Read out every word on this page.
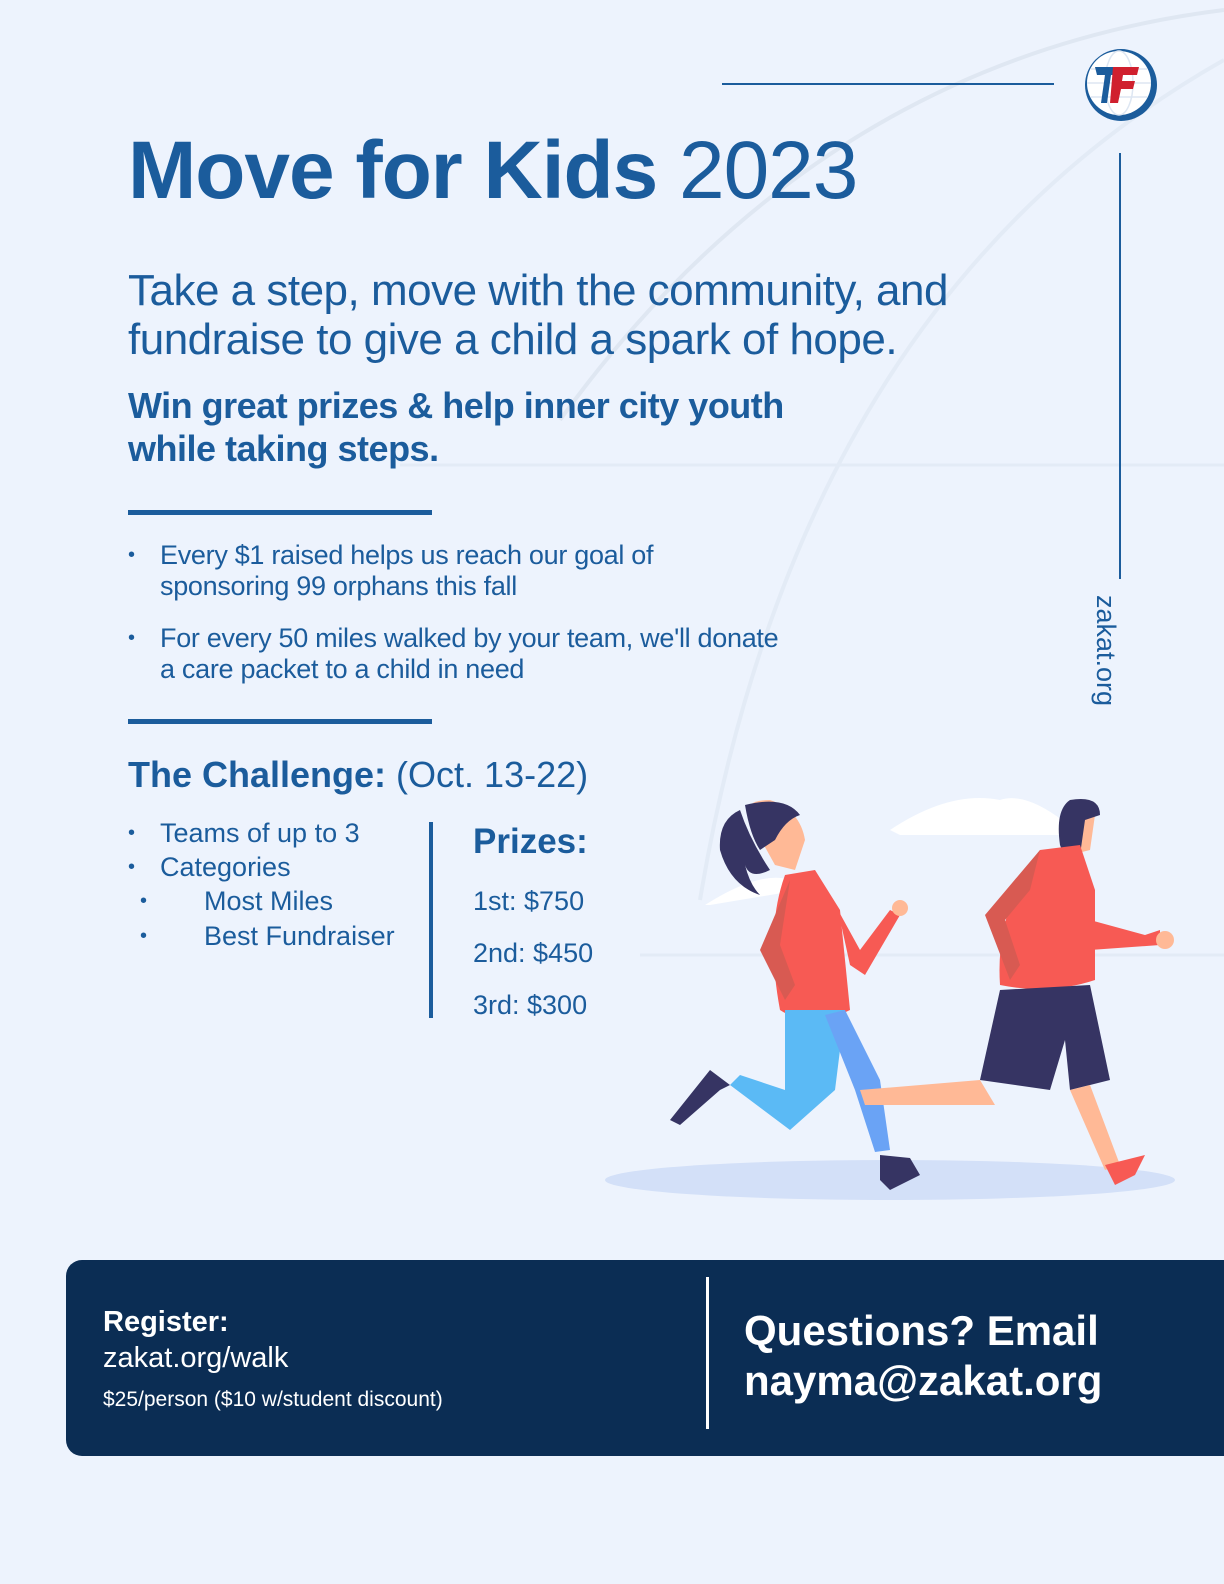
zakat.org
Move for Kids 2023

Take a step, move with the community, and fundraise to give a child a spark of hope.

Win great prizes & help inner city youth while taking steps.

• Every $1 raised helps us reach our goal of sponsoring 99 orphans this fall
• For every 50 miles walked by your team, we'll donate a care packet to a child in need
The Challenge: (Oct. 13-22)
• Teams of up to 3
• Categories
• Most Miles
• Best Fundraiser
Prizes:
1st: $750
2nd: $450
3rd: $300
Register:
zakat.org/walk
$25/person ($10 w/student discount)
Questions? Email
nayma@zakat.org
